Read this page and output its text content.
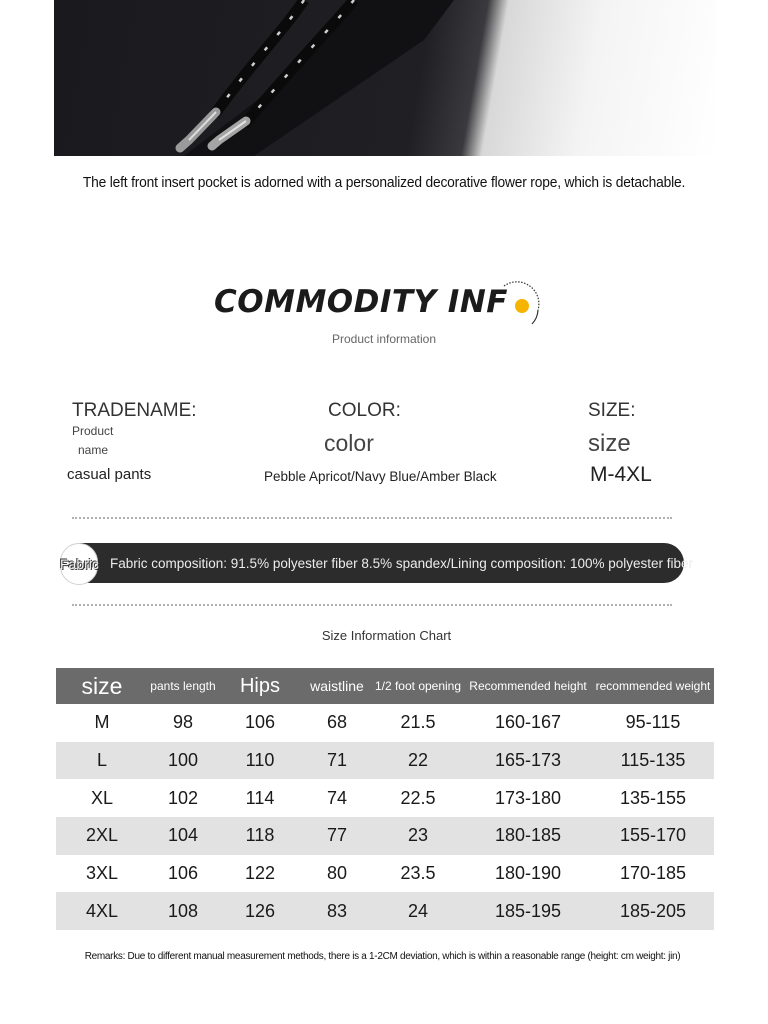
The left front insert pocket is adorned with a personalized decorative flower rope, which is detachable.
COMMODITY INF
Product information
TRADENAME:
Product
name
casual pants
COLOR:
color
Pebble Apricot/Navy Blue/Amber Black
SIZE:
size
M-4XL
Fabric Fabric composition: 91.5% polyester fiber 8.5% spandex/Lining composition: 100% polyester fiber
Size Information Chart
size	pants length	Hips	waistline	1/2 foot opening	Recommended height	recommended weight
M	98	106	68	21.5	160-167	95-115
L	100	110	71	22	165-173	115-135
XL	102	114	74	22.5	173-180	135-155
2XL	104	118	77	23	180-185	155-170
3XL	106	122	80	23.5	180-190	170-185
4XL	108	126	83	24	185-195	185-205
Remarks: Due to different manual measurement methods, there is a 1-2CM deviation, which is within a reasonable range (height: cm weight: jin)
